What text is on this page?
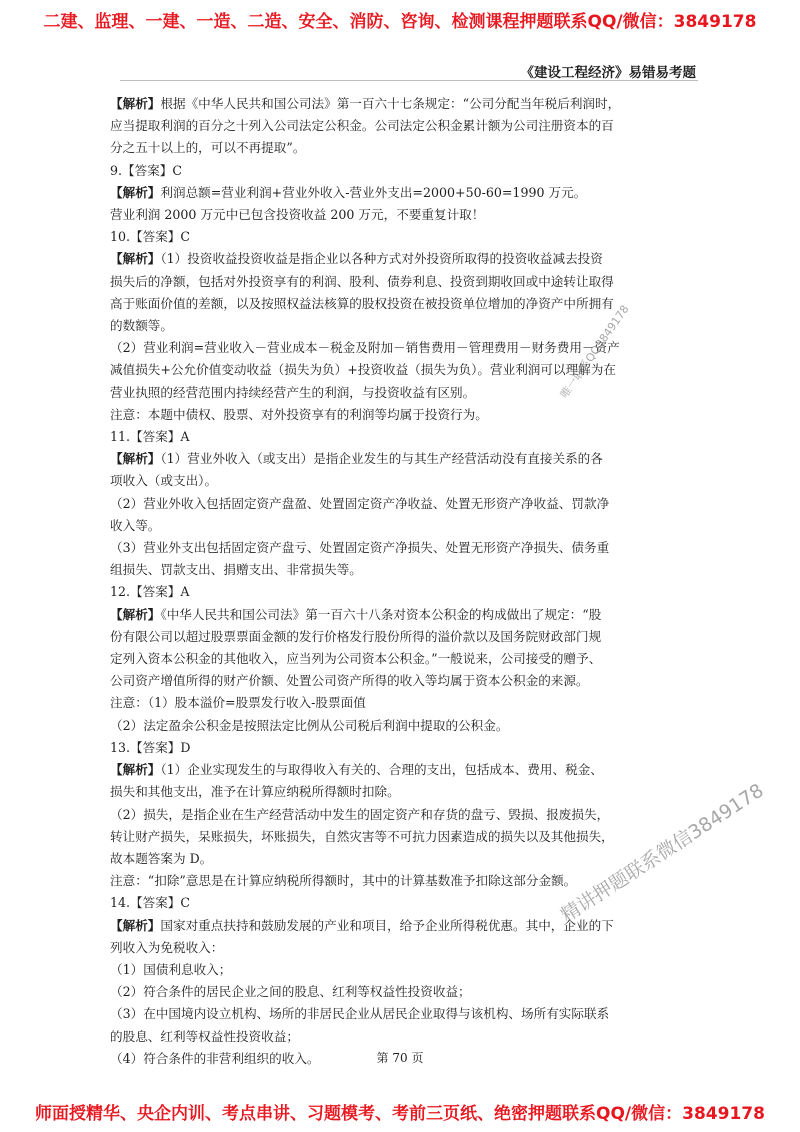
二建、监理、一建、一造、二造、安全、消防、咨询、检测课程押题联系QQ/微信：3849178
《建设工程经济》易错易考题

【解析】根据《中华人民共和国公司法》第一百六十七条规定：“公司分配当年税后利润时，

应当提取利润的百分之十列入公司法定公积金。公司法定公积金累计额为公司注册资本的百

分之五十以上的，可以不再提取”。

9.【答案】C

【解析】利润总额=营业利润+营业外收入-营业外支出=2000+50-60=1990 万元。

营业利润 2000 万元中已包含投资收益 200 万元，不要重复计取！

10.【答案】C

【解析】（1）投资收益投资收益是指企业以各种方式对外投资所取得的投资收益减去投资

损失后的净额，包括对外投资享有的利润、股利、债券利息、投资到期收回或中途转让取得

高于账面价值的差额，以及按照权益法核算的股权投资在被投资单位增加的净资产中所拥有

的数额等。

（2）营业利润=营业收入－营业成本－税金及附加－销售费用－管理费用－财务费用－资产

减值损失+公允价值变动收益（损失为负）+投资收益（损失为负）。营业利润可以理解为在

营业执照的经营范围内持续经营产生的利润，与投资收益有区别。

注意：本题中债权、股票、对外投资享有的利润等均属于投资行为。

11.【答案】A

【解析】（1）营业外收入（或支出）是指企业发生的与其生产经营活动没有直接关系的各

项收入（或支出）。

（2）营业外收入包括固定资产盘盈、处置固定资产净收益、处置无形资产净收益、罚款净

收入等。

（3）营业外支出包括固定资产盘亏、处置固定资产净损失、处置无形资产净损失、债务重

组损失、罚款支出、捐赠支出、非常损失等。

12.【答案】A

【解析】《中华人民共和国公司法》第一百六十八条对资本公积金的构成做出了规定：“股

份有限公司以超过股票票面金额的发行价格发行股份所得的溢价款以及国务院财政部门规

定列入资本公积金的其他收入，应当列为公司资本公积金。”一般说来，公司接受的赠予、

公司资产增值所得的财产价额、处置公司资产所得的收入等均属于资本公积金的来源。

注意：（1）股本溢价=股票发行收入-股票面值

（2）法定盈余公积金是按照法定比例从公司税后利润中提取的公积金。

13.【答案】D

【解析】（1）企业实现发生的与取得收入有关的、合理的支出，包括成本、费用、税金、

损失和其他支出，准予在计算应纳税所得额时扣除。

（2）损失，是指企业在生产经营活动中发生的固定资产和存货的盘亏、毁损、报废损失，

转让财产损失，呆账损失，坏账损失，自然灾害等不可抗力因素造成的损失以及其他损失，

故本题答案为 D。

注意：“扣除”意思是在计算应纳税所得额时，其中的计算基数准予扣除这部分金额。

14.【答案】C

【解析】国家对重点扶持和鼓励发展的产业和项目，给予企业所得税优惠。其中，企业的下

列收入为免税收入：

（1）国债利息收入；

（2）符合条件的居民企业之间的股息、红利等权益性投资收益；

（3）在中国境内设立机构、场所的非居民企业从居民企业取得与该机构、场所有实际联系

的股息、红利等权益性投资收益；

（4）符合条件的非营利组织的收入。

唯一联系QQ3849178
精讲押题联系微信3849178
第 70 页
师面授精华、央企内训、考点串讲、习题模考、考前三页纸、绝密押题联系QQ/微信：3849178
